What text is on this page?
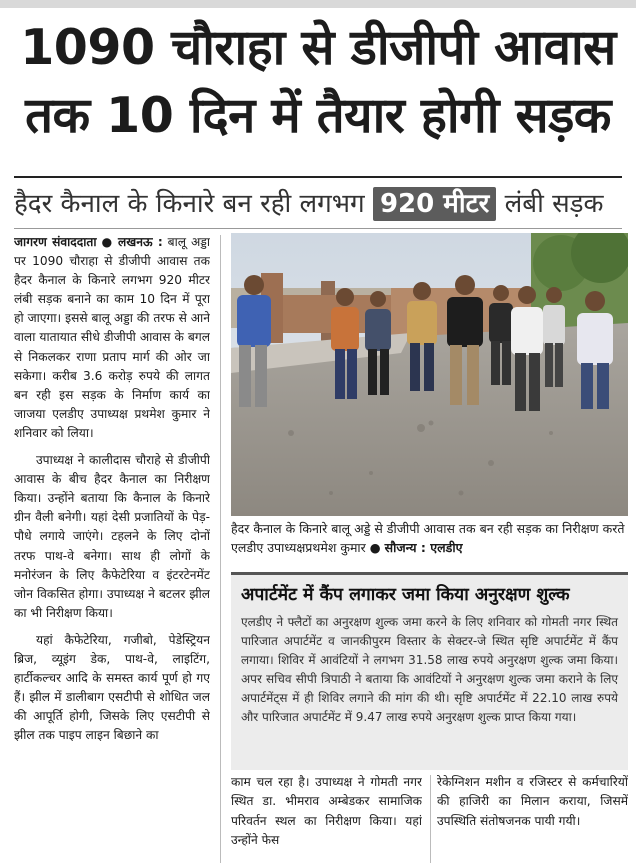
1090 चौराहा से डीजीपी आवास
तक 10 दिन में तैयार होगी सड़क
हैदर कैनाल के किनारे बन रही लगभग 920 मीटर लंबी सड़क

जागरण संवाददाता ● लखनऊ : बालू अड्डा पर 1090 चौराहा से डीजीपी आवास तक हैदर कैनाल के किनारे लगभग 920 मीटर लंबी सड़क बनाने का काम 10 दिन में पूरा हो जाएगा। इससे बालू अड्डा की तरफ से आने वाला यातायात सीधे डीजीपी आवास के बगल से निकलकर राणा प्रताप मार्ग की ओर जा सकेगा। करीब 3.6 करोड़ रुपये की लागत बन रही इस सड़क के निर्माण कार्य का जाजया एलडीए उपाध्यक्ष प्रथमेश कुमार ने शनिवार को लिया।

उपाध्यक्ष ने कालीदास चौराहे से डीजीपी आवास के बीच हैदर कैनाल का निरीक्षण किया। उन्होंने बताया कि कैनाल के किनारे ग्रीन वैली बनेगी। यहां देसी प्रजातियों के पेड़-पौधे लगाये जाएंगे। टहलने के लिए दोनों तरफ पाथ-वे बनेगा। साथ ही लोगों के मनोरंजन के लिए कैफेटेरिया व इंटरटेनमेंट जोन विकसित होगा। उपाध्यक्ष ने बटलर झील का भी निरीक्षण किया।

यहां कैफेटेरिया, गजीबो, पेडेस्ट्रियन ब्रिज, व्यूइंग डेक, पाथ-वे, लाइटिंग, हार्टीकल्चर आदि के समस्त कार्य पूर्ण हो गए हैं। झील में डालीबाग एसटीपी से शोधित जल की आपूर्ति होगी, जिसके लिए एसटीपी से झील तक पाइप लाइन बिछाने का

हैदर कैनाल के किनारे बालू अड्डे से डीजीपी आवास तक बन रही सड़क का निरीक्षण करते एलडीए उपाध्यक्षप्रथमेश कुमार ● सौजन्य : एलडीए
अपार्टमेंट में कैंप लगाकर जमा किया अनुरक्षण शुल्क
एलडीए ने फ्लैटों का अनुरक्षण शुल्क जमा करने के लिए शनिवार को गोमती नगर स्थित पारिजात अपार्टमेंट व जानकीपुरम विस्तार के सेक्टर-जे स्थित सृष्टि अपार्टमेंट में कैंप लगाया। शिविर में आवंटियों ने लगभग 31.58 लाख रुपये अनुरक्षण शुल्क जमा किया। अपर सचिव सीपी त्रिपाठी ने बताया कि आवंटियों ने अनुरक्षण शुल्क जमा कराने के लिए अपार्टमेंट्स में ही शिविर लगाने की मांग की थी। सृष्टि अपार्टमेंट में 22.10 लाख रुपये और पारिजात अपार्टमेंट में 9.47 लाख रुपये अनुरक्षण शुल्क प्राप्त किया गया।
काम चल रहा है। उपाध्यक्ष ने गोमती नगर स्थित डा. भीमराव अम्बेडकर सामाजिक परिवर्तन स्थल का निरीक्षण किया। यहां उन्होंने फेस
रेकेग्निशन मशीन व रजिस्टर से कर्मचारियों की हाजिरी का मिलान कराया, जिसमें उपस्थिति संतोषजनक पायी गयी।
